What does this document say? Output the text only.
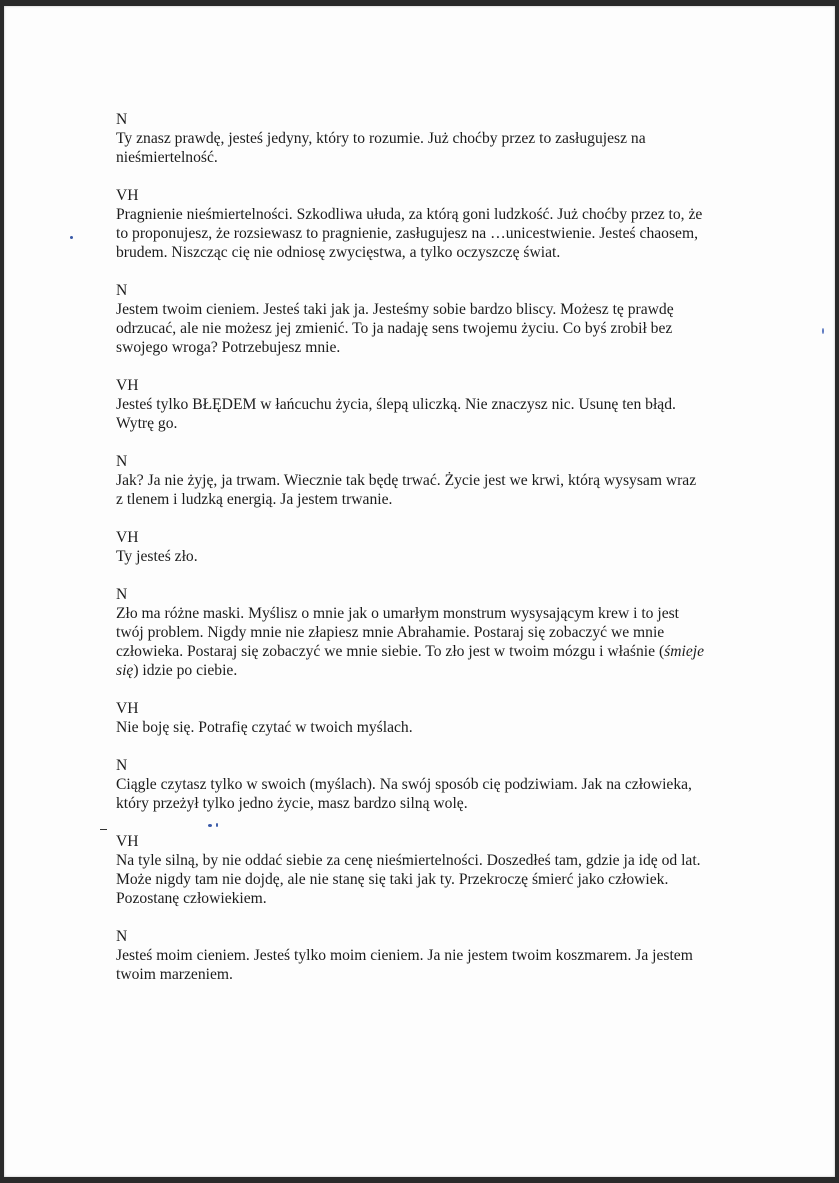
N
Ty znasz prawdę, jesteś jedyny, który to rozumie. Już choćby przez to zasługujesz na
nieśmiertelność.
VH
Pragnienie nieśmiertelności. Szkodliwa ułuda, za którą goni ludzkość. Już choćby przez to, że
to proponujesz, że rozsiewasz to pragnienie, zasługujesz na …unicestwienie. Jesteś chaosem,
brudem. Niszcząc cię nie odniosę zwycięstwa, a tylko oczyszczę świat.
N
Jestem twoim cieniem. Jesteś taki jak ja. Jesteśmy sobie bardzo bliscy. Możesz tę prawdę
odrzucać, ale nie możesz jej zmienić. To ja nadaję sens twojemu życiu. Co byś zrobił bez
swojego wroga? Potrzebujesz mnie.
VH
Jesteś tylko BŁĘDEM w łańcuchu życia, ślepą uliczką. Nie znaczysz nic. Usunę ten błąd.
Wytrę go.
N
Jak? Ja nie żyję, ja trwam. Wiecznie tak będę trwać. Życie jest we krwi, którą wysysam wraz
z tlenem i ludzką energią. Ja jestem trwanie.
VH
Ty jesteś zło.
N
Zło ma różne maski. Myślisz o mnie jak o umarłym monstrum wysysającym krew i to jest
twój problem. Nigdy mnie nie złapiesz mnie Abrahamie. Postaraj się zobaczyć we mnie
człowieka. Postaraj się zobaczyć we mnie siebie. To zło jest w twoim mózgu i właśnie (śmieje
się) idzie po ciebie.
VH
Nie boję się. Potrafię czytać w twoich myślach.
N
Ciągle czytasz tylko w swoich (myślach). Na swój sposób cię podziwiam. Jak na człowieka,
który przeżył tylko jedno życie, masz bardzo silną wolę.
VH
Na tyle silną, by nie oddać siebie za cenę nieśmiertelności. Doszedłeś tam, gdzie ja idę od lat.
Może nigdy tam nie dojdę, ale nie stanę się taki jak ty. Przekroczę śmierć jako człowiek.
Pozostanę człowiekiem.
N
Jesteś moim cieniem. Jesteś tylko moim cieniem. Ja nie jestem twoim koszmarem. Ja jestem
twoim marzeniem.
